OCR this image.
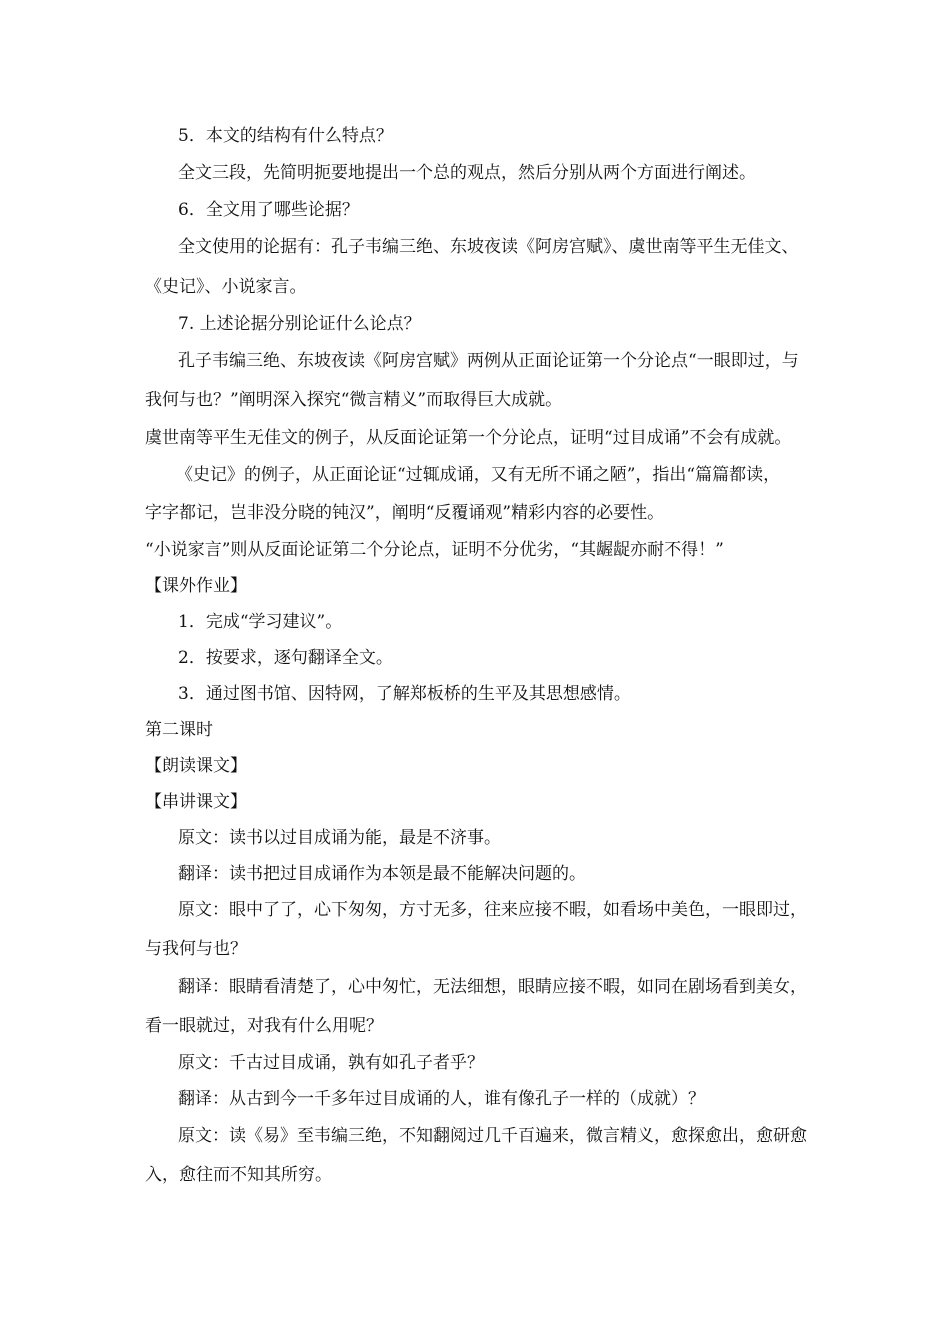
5．本文的结构有什么特点？
全文三段，先简明扼要地提出一个总的观点，然后分别从两个方面进行阐述。
6．全文用了哪些论据？
全文使用的论据有：孔子韦编三绝、东坡夜读《阿房宫赋》、虞世南等平生无佳文、
《史记》、小说家言。
7. 上述论据分别论证什么论点？
孔子韦编三绝、东坡夜读《阿房宫赋》两例从正面论证第一个分论点“一眼即过，与
我何与也？”阐明深入探究“微言精义”而取得巨大成就。
虞世南等平生无佳文的例子，从反面论证第一个分论点，证明“过目成诵”不会有成就。
《史记》的例子，从正面论证“过辄成诵，又有无所不诵之陋”，指出“篇篇都读，
字字都记，岂非没分晓的钝汉”，阐明“反覆诵观”精彩内容的必要性。
“小说家言”则从反面论证第二个分论点，证明不分优劣，“其龌龊亦耐不得！”
【课外作业】
1．完成“学习建议”。
2．按要求，逐句翻译全文。
3．通过图书馆、因特网，了解郑板桥的生平及其思想感情。
第二课时
【朗读课文】
【串讲课文】
原文：读书以过目成诵为能，最是不济事。
翻译：读书把过目成诵作为本领是最不能解决问题的。
原文：眼中了了，心下匆匆，方寸无多，往来应接不暇，如看场中美色，一眼即过，
与我何与也？
翻译：眼睛看清楚了，心中匆忙，无法细想，眼睛应接不暇，如同在剧场看到美女，
看一眼就过，对我有什么用呢？
原文：千古过目成诵，孰有如孔子者乎？
翻译：从古到今一千多年过目成诵的人，谁有像孔子一样的（成就）？
原文：读《易》至韦编三绝，不知翻阅过几千百遍来，微言精义，愈探愈出，愈研愈
入，愈往而不知其所穷。
